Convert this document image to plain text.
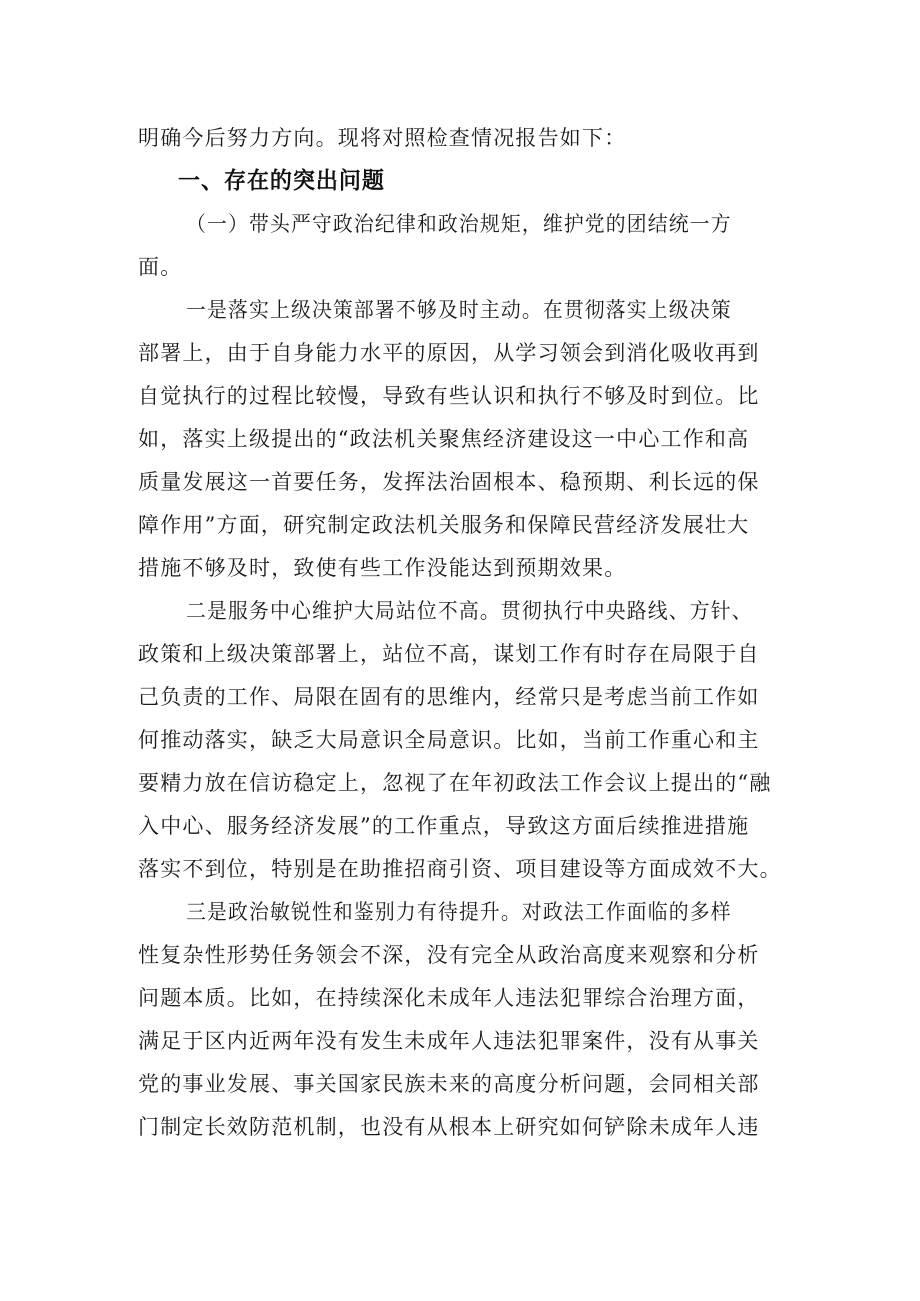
明确今后努力方向。现将对照检查情况报告如下：
一、存在的突出问题
（一）带头严守政治纪律和政治规矩，维护党的团结统一方
面。
一是落实上级决策部署不够及时主动。在贯彻落实上级决策
部署上，由于自身能力水平的原因，从学习领会到消化吸收再到
自觉执行的过程比较慢，导致有些认识和执行不够及时到位。比
如，落实上级提出的“政法机关聚焦经济建设这一中心工作和高
质量发展这一首要任务，发挥法治固根本、稳预期、利长远的保
障作用”方面，研究制定政法机关服务和保障民营经济发展壮大
措施不够及时，致使有些工作没能达到预期效果。
二是服务中心维护大局站位不高。贯彻执行中央路线、方针、
政策和上级决策部署上，站位不高，谋划工作有时存在局限于自
己负责的工作、局限在固有的思维内，经常只是考虑当前工作如
何推动落实，缺乏大局意识全局意识。比如，当前工作重心和主
要精力放在信访稳定上，忽视了在年初政法工作会议上提出的“融
入中心、服务经济发展”的工作重点，导致这方面后续推进措施
落实不到位，特别是在助推招商引资、项目建设等方面成效不大。
三是政治敏锐性和鉴别力有待提升。对政法工作面临的多样
性复杂性形势任务领会不深，没有完全从政治高度来观察和分析
问题本质。比如，在持续深化未成年人违法犯罪综合治理方面，
满足于区内近两年没有发生未成年人违法犯罪案件，没有从事关
党的事业发展、事关国家民族未来的高度分析问题，会同相关部
门制定长效防范机制，也没有从根本上研究如何铲除未成年人违
